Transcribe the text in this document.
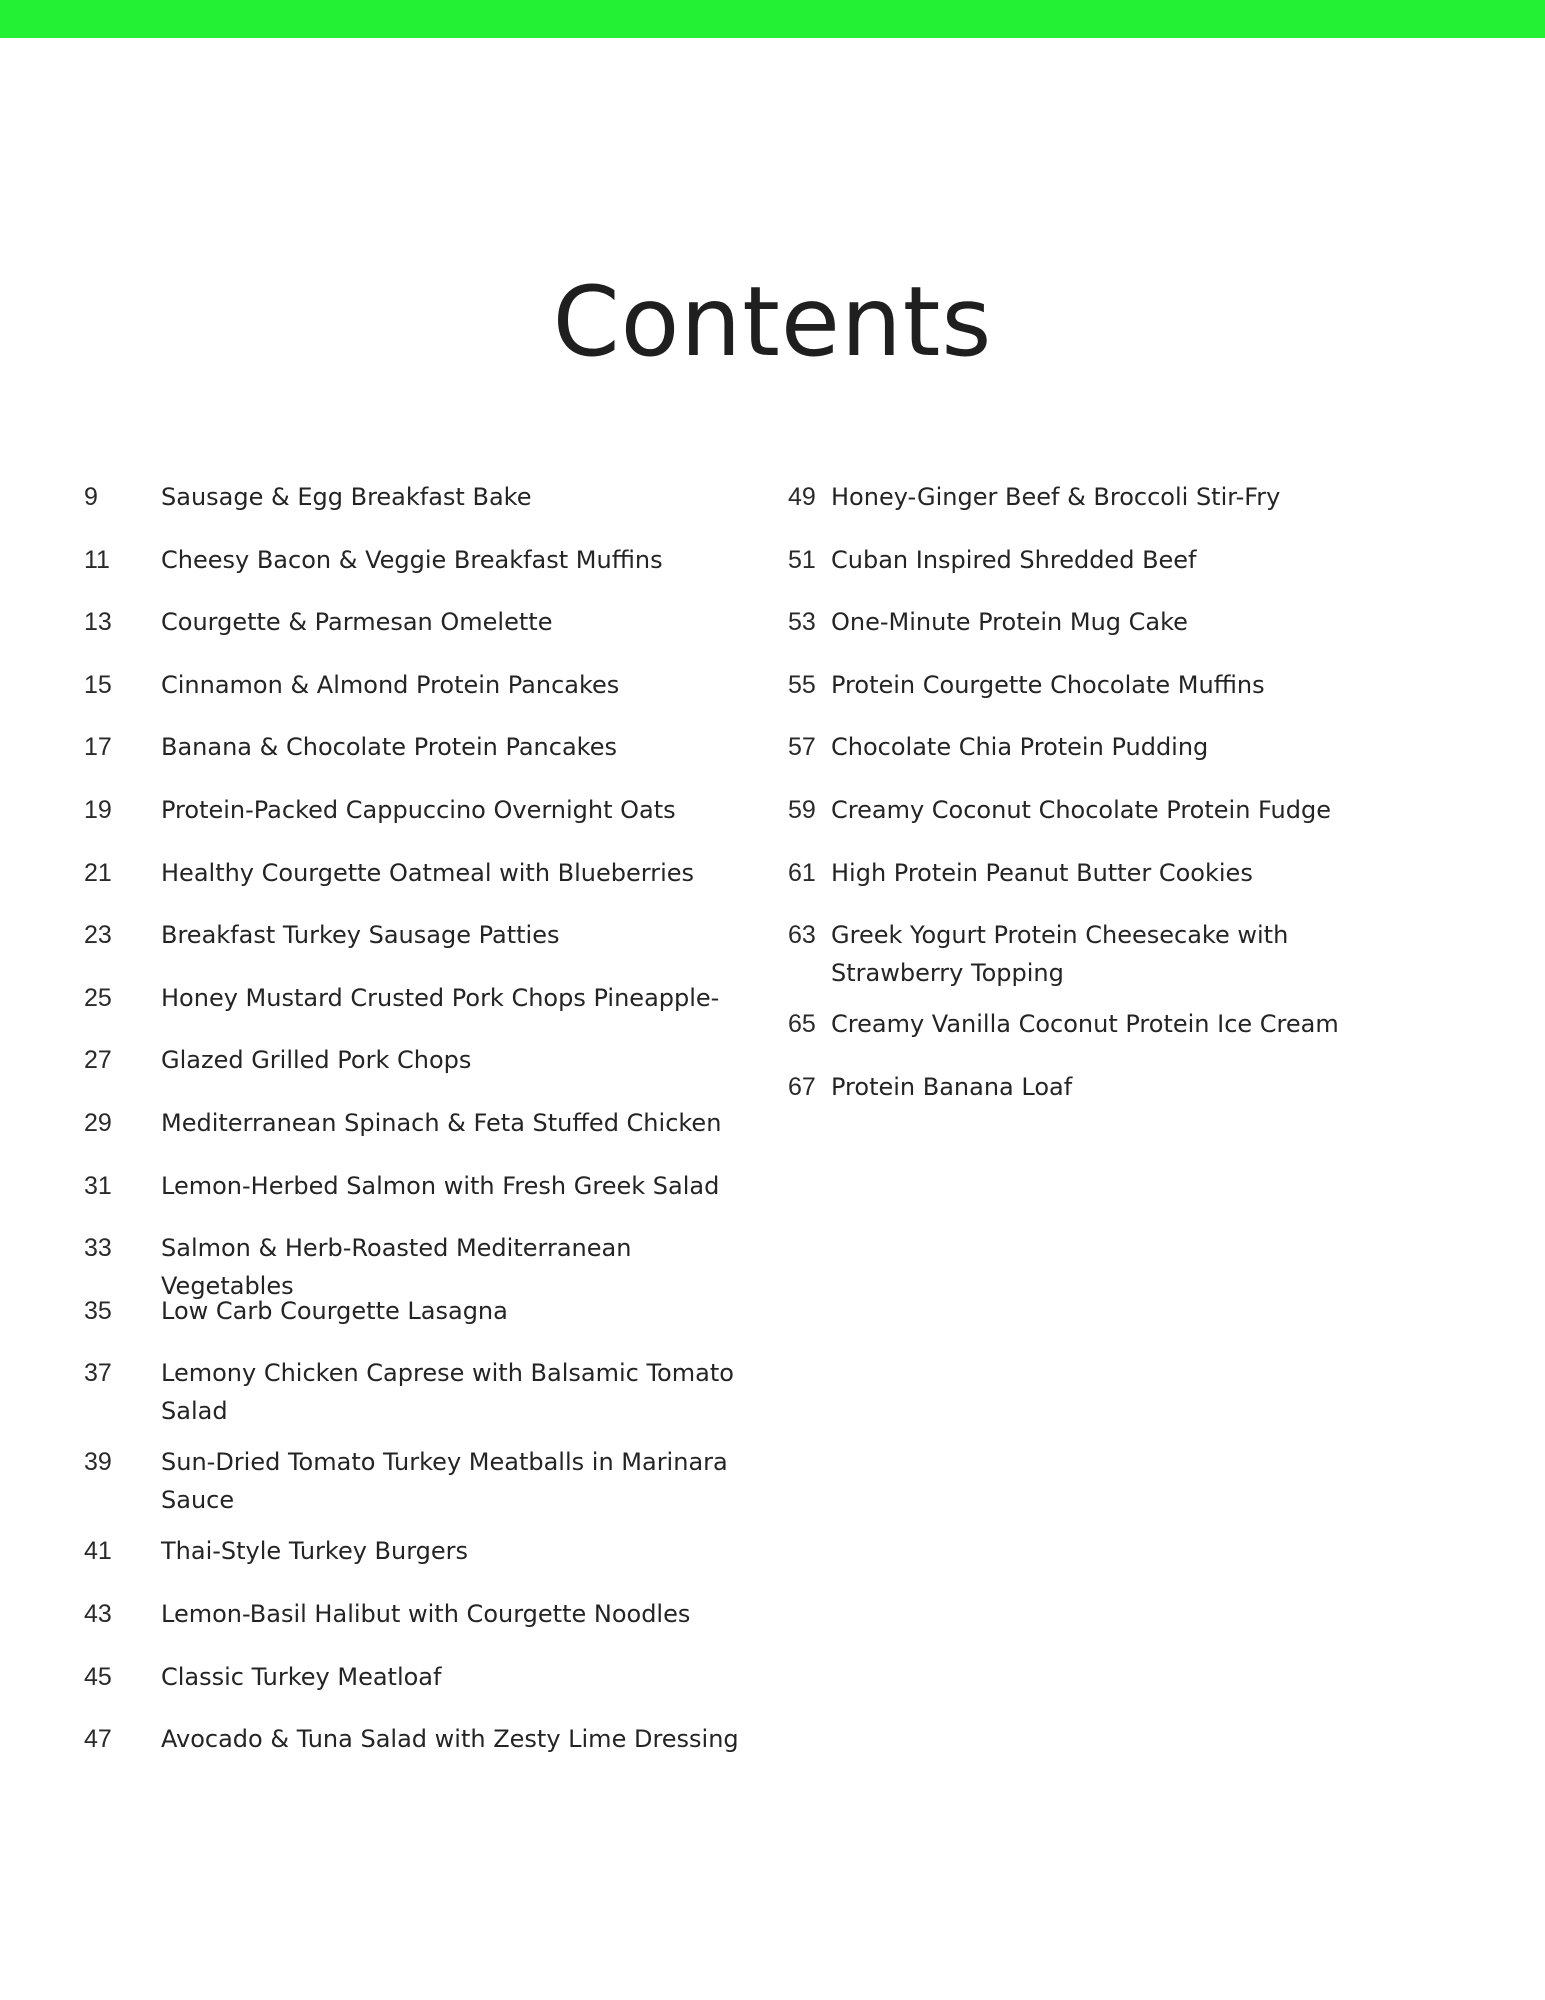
Contents
9	Sausage & Egg Breakfast Bake
11	Cheesy Bacon & Veggie Breakfast Muffins
13	Courgette & Parmesan Omelette
15	Cinnamon & Almond Protein Pancakes
17	Banana & Chocolate Protein Pancakes
19	Protein-Packed Cappuccino Overnight Oats
21	Healthy Courgette Oatmeal with Blueberries
23	Breakfast Turkey Sausage Patties
25	Honey Mustard Crusted Pork Chops Pineapple-
27	Glazed Grilled Pork Chops
29	Mediterranean Spinach & Feta Stuffed Chicken
31	Lemon-Herbed Salmon with Fresh Greek Salad
33	Salmon & Herb-Roasted Mediterranean Vegetables
35	Low Carb Courgette Lasagna
37	Lemony Chicken Caprese with Balsamic Tomato Salad
39	Sun-Dried Tomato Turkey Meatballs in Marinara Sauce
41	Thai-Style Turkey Burgers
43	Lemon-Basil Halibut with Courgette Noodles
45	Classic Turkey Meatloaf
47	Avocado & Tuna Salad with Zesty Lime Dressing
49 Honey-Ginger Beef & Broccoli Stir-Fry
51 Cuban Inspired Shredded Beef
53 One-Minute Protein Mug Cake
55 Protein Courgette Chocolate Muffins
57 Chocolate Chia Protein Pudding
59 Creamy Coconut Chocolate Protein Fudge
61 High Protein Peanut Butter Cookies
63 Greek Yogurt Protein Cheesecake with Strawberry Topping
65 Creamy Vanilla Coconut Protein Ice Cream
67 Protein Banana Loaf
